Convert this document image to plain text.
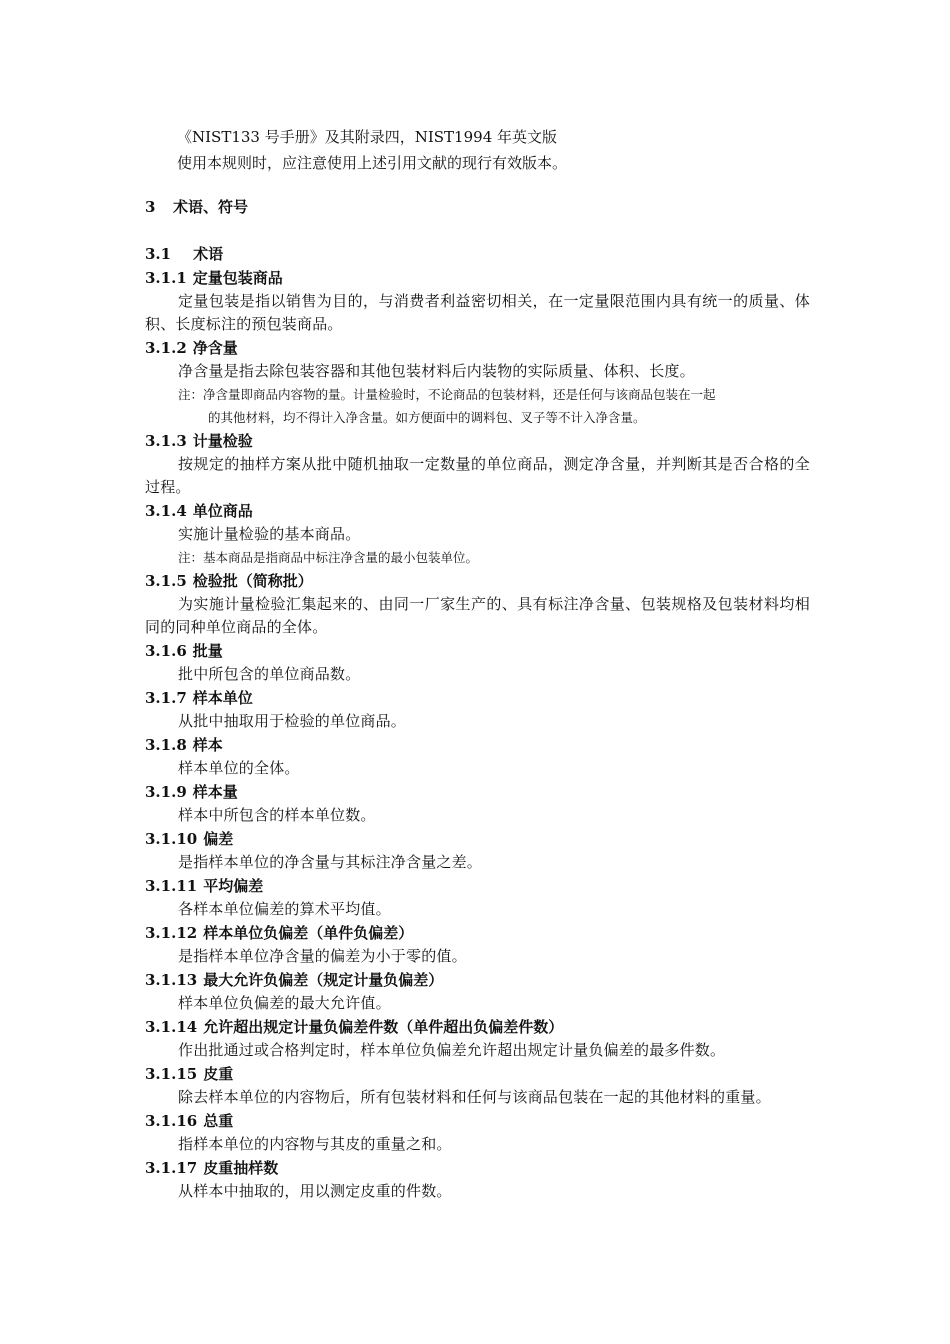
《NIST133 号手册》及其附录四，NIST1994 年英文版
使用本规则时，应注意使用上述引用文献的现行有效版本。
3 术语、符号
3.1 术语
3.1.1 定量包装商品
定量包装是指以销售为目的，与消费者利益密切相关，在一定量限范围内具有统一的质量、体积、长度标注的预包装商品。
3.1.2 净含量
净含量是指去除包装容器和其他包装材料后内装物的实际质量、体积、长度。
注：净含量即商品内容物的量。计量检验时，不论商品的包装材料，还是任何与该商品包装在一起
的其他材料，均不得计入净含量。如方便面中的调料包、叉子等不计入净含量。
3.1.3 计量检验
按规定的抽样方案从批中随机抽取一定数量的单位商品，测定净含量，并判断其是否合格的全过程。
3.1.4 单位商品
实施计量检验的基本商品。
注：基本商品是指商品中标注净含量的最小包装单位。
3.1.5 检验批（简称批）
为实施计量检验汇集起来的、由同一厂家生产的、具有标注净含量、包装规格及包装材料均相同的同种单位商品的全体。
3.1.6 批量
批中所包含的单位商品数。
3.1.7 样本单位
从批中抽取用于检验的单位商品。
3.1.8 样本
样本单位的全体。
3.1.9 样本量
样本中所包含的样本单位数。
3.1.10 偏差
是指样本单位的净含量与其标注净含量之差。
3.1.11 平均偏差
各样本单位偏差的算术平均值。
3.1.12 样本单位负偏差（单件负偏差）
是指样本单位净含量的偏差为小于零的值。
3.1.13 最大允许负偏差（规定计量负偏差）
样本单位负偏差的最大允许值。
3.1.14 允许超出规定计量负偏差件数（单件超出负偏差件数）
作出批通过或合格判定时，样本单位负偏差允许超出规定计量负偏差的最多件数。
3.1.15 皮重
除去样本单位的内容物后，所有包装材料和任何与该商品包装在一起的其他材料的重量。
3.1.16 总重
指样本单位的内容物与其皮的重量之和。
3.1.17 皮重抽样数
从样本中抽取的，用以测定皮重的件数。
